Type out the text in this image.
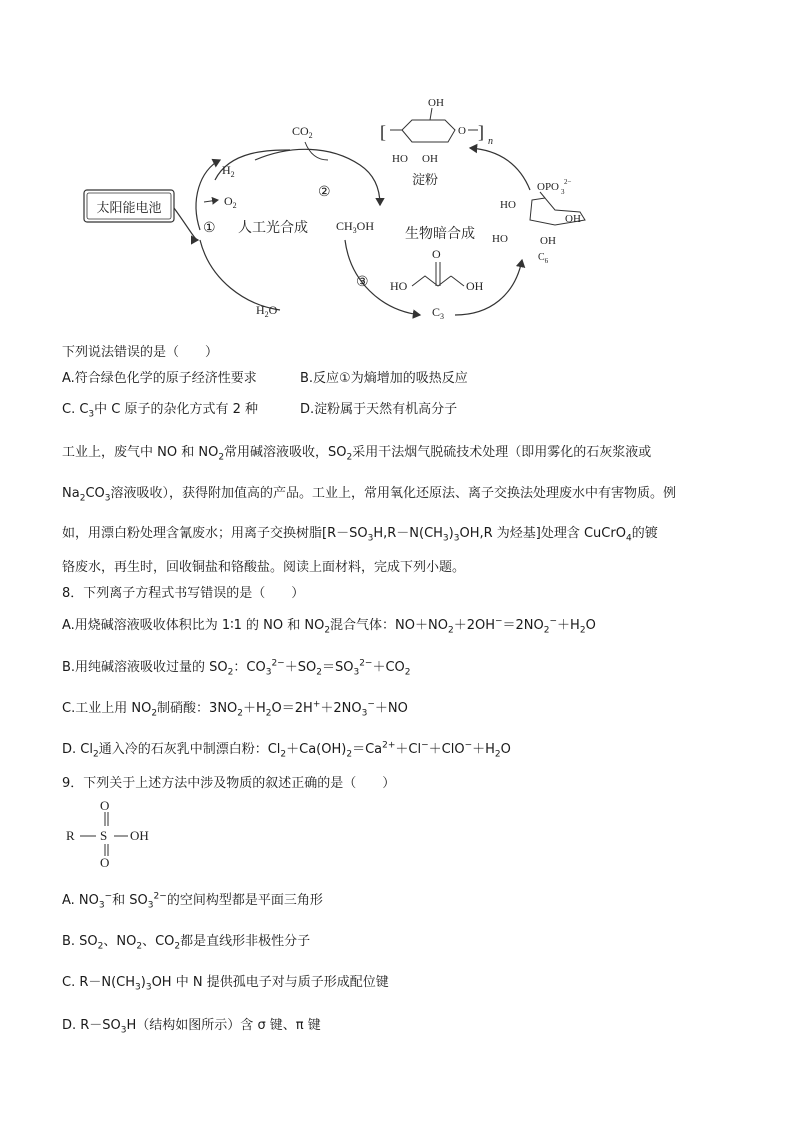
太阳能电池
$H_2$
$O_2$
① 人工光合成
$H_2O$
$CO_2$
②
$CH_3OH$
生物暗合成
③ HO
O
OH
$C_3$
OPO 2−
3
HO
HO	OH
OH
$C_6$
[	] n
O
OH
HO OH
淀粉
下列说法错误的是（　　）
A.符合绿色化学的原子经济性要求	B.反应①为熵增加的吸热反应
C. $C_3$中 C 原子的杂化方式有 2 种	D.淀粉属于天然有机高分子
工业上，废气中 NO 和 $NO_2$常用碱溶液吸收，$SO_2$采用干法烟气脱硫技术处理（即用雾化的石灰浆液或
$Na_2CO_3$溶液吸收），获得附加值高的产品。工业上，常用氧化还原法、离子交换法处理废水中有害物质。例
如，用漂白粉处理含氰废水；用离子交换树脂[$R-SO_3H,R-N(CH_3)_3OH,R$ 为烃基]处理含 CuCrO$_4$的镀
铬废水，再生时，回收铜盐和铬酸盐。阅读上面材料，完成下列小题。
8．下列离子方程式书写错误的是（　　）
A.用烧碱溶液吸收体积比为 1∶1 的 NO 和 $NO_2$混合气体：$NO+NO_2+2OH^-=2NO_2^-+H_2O$
B.用纯碱溶液吸收过量的 $SO_2$：$CO_3^{2-}+SO_2=SO_3^{2-}+CO_2$
C.工业上用 $NO_2$制硝酸：$3NO_2+H_2O=2H^++2NO_3^-+NO$
D. $Cl_2$通入冷的石灰乳中制漂白粉：$Cl_2+Ca(OH)_2=Ca^{2+}+Cl^-+ClO^-+H_2O$
9．下列关于上述方法中涉及物质的叙述正确的是（　　）
R S
O
O
OH
A. $NO_3^-$和 $SO_3^{2-}$的空间构型都是平面三角形
B. $SO_2$、$NO_2$、$CO_2$都是直线形非极性分子
C. $R-N(CH_3)_3OH$ 中 N 提供孤电子对与质子形成配位键
D. $R-SO_3H$（结构如图所示）含 σ 键、π 键
